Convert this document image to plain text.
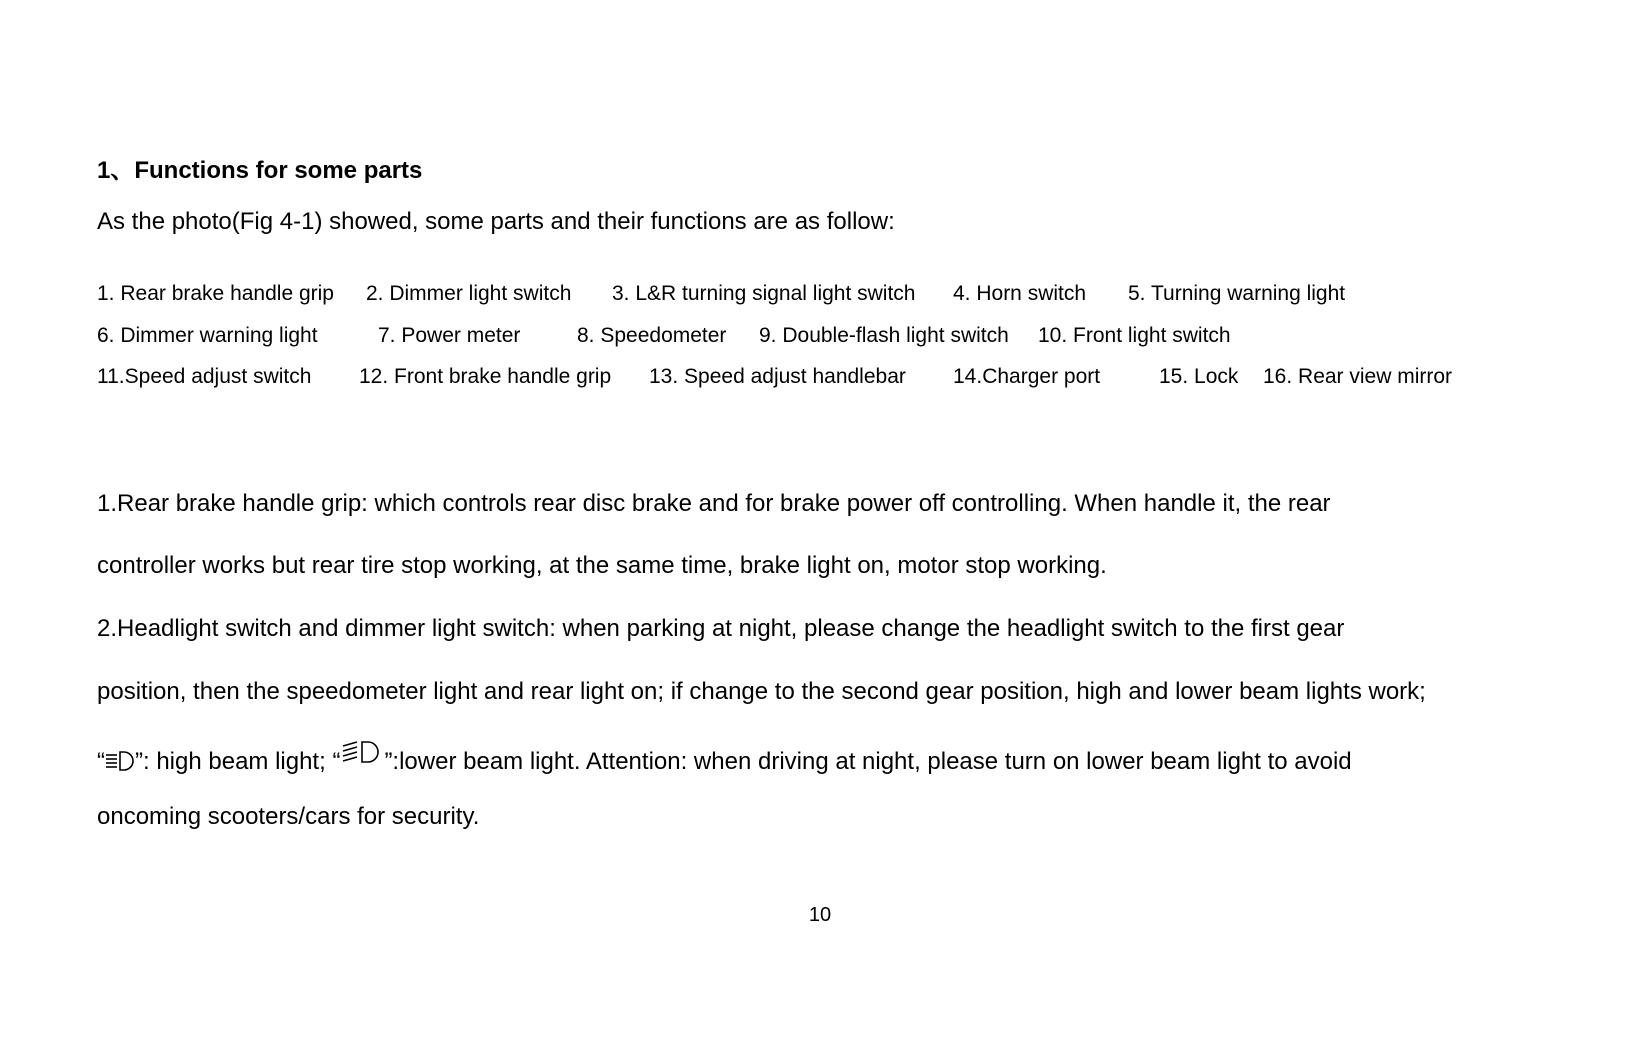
1、Functions for some parts

As the photo(Fig 4-1) showed, some parts and their functions are as follow:

1. Rear brake handle grip 2. Dimmer light switch 3. L&R turning signal light switch 4. Horn switch 5. Turning warning light
6. Dimmer warning light	7. Power meter	8. Speedometer 9. Double-flash light switch 10. Front light switch
11.Speed adjust switch 12. Front brake handle grip 13. Speed adjust handlebar 14.Charger port	15. Lock 16. Rear view mirror
1.Rear brake handle grip: which controls rear disc brake and for brake power off controlling. When handle it, the rear
controller works but rear tire stop working, at the same time, brake light on, motor stop working.
2.Headlight switch and dimmer light switch: when parking at night, please change the headlight switch to the first gear
position, then the speedometer light and rear light on; if change to the second gear position, high and lower beam lights work;
“ ”: high beam light; “ ”:lower beam light. Attention: when driving at night, please turn on lower beam light to avoid
oncoming scooters/cars for security.
10
